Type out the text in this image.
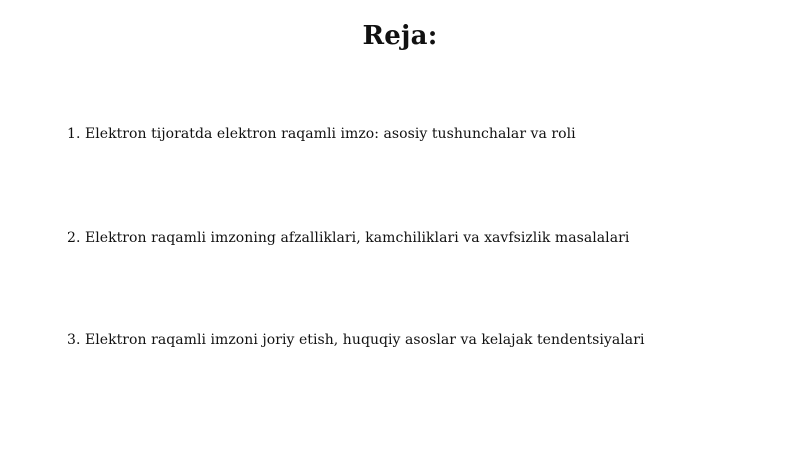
Reja:
1. Elektron tijoratda elektron raqamli imzo: asosiy tushunchalar va roli
2. Elektron raqamli imzoning afzalliklari, kamchiliklari va xavfsizlik masalalari
3. Elektron raqamli imzoni joriy etish, huquqiy asoslar va kelajak tendentsiyalari
